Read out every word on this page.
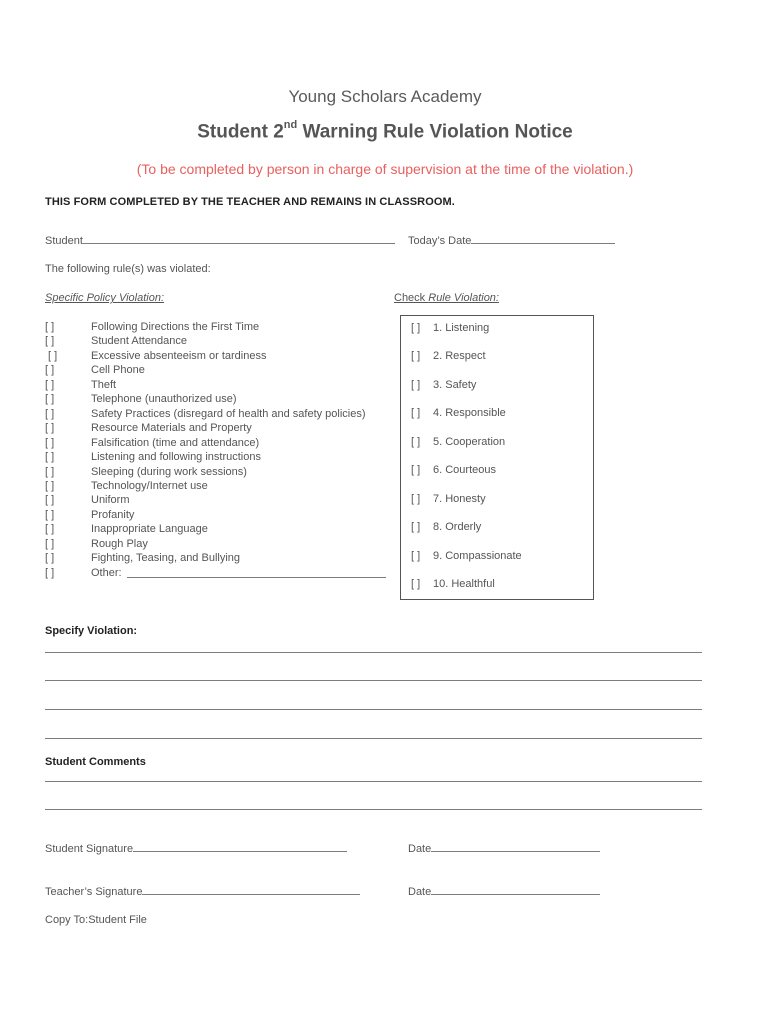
Young Scholars Academy
Student 2nd Warning Rule Violation Notice
(To be completed by person in charge of supervision at the time of the violation.)
THIS FORM COMPLETED BY THE TEACHER AND REMAINS IN CLASSROOM.
Student	Today’s Date
The following rule(s) was violated:
Specific Policy Violation:	Check Rule Violation:
[ ]	Following Directions the First Time
[ ]	Student Attendance
[ ]	Excessive absenteeism or tardiness
[ ]	Cell Phone
[ ]	Theft
[ ]	Telephone (unauthorized use)
[ ]	Safety Practices (disregard of health and safety policies)
[ ]	Resource Materials and Property
[ ]	Falsification (time and attendance)
[ ]	Listening and following instructions
[ ]	Sleeping (during work sessions)
[ ]	Technology/Internet use
[ ]	Uniform
[ ]	Profanity
[ ]	Inappropriate Language
[ ]	Rough Play
[ ]	Fighting, Teasing, and Bullying
[ ]	Other:
[ ] 1. Listening
[ ] 2. Respect
[ ] 3. Safety
[ ] 4. Responsible
[ ] 5. Cooperation
[ ] 6. Courteous
[ ] 7. Honesty
[ ] 8. Orderly
[ ] 9. Compassionate
[ ] 10. Healthful
Specify Violation:
Student Comments
Student Signature	Date
Teacher’s Signature	Date
Copy To:Student File
